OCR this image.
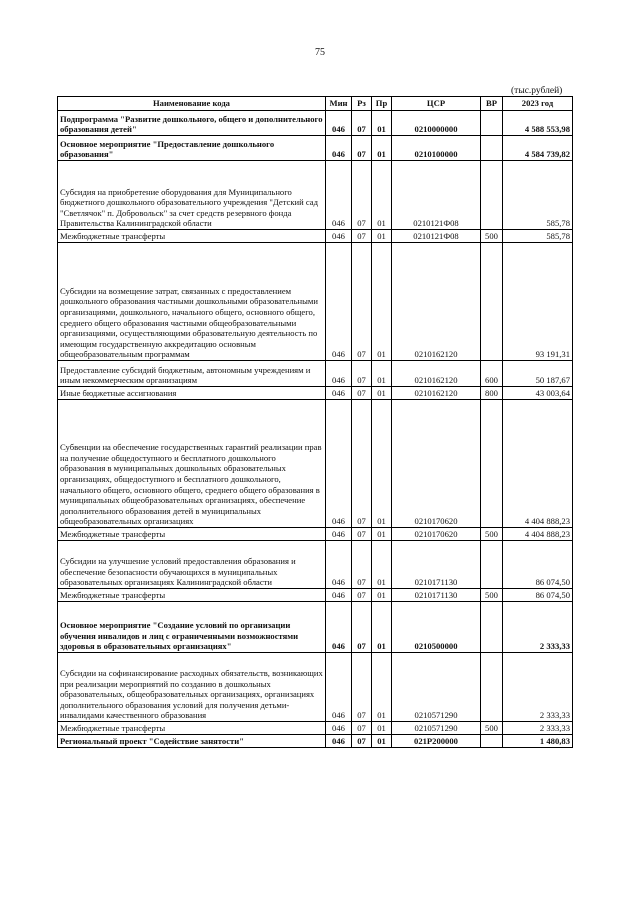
75
(тыс.рублей)
Наименование кода	Мин	Рз	Пр	ЦСР	ВР	2023 год
Подпрограмма "Развитие дошкольного, общего и дополнительного образования детей"	046	07	01	0210000000		4 588 553,98
Основное мероприятие "Предоставление дошкольного образования"	046	07	01	0210100000		4 584 739,82
Субсидия на приобретение оборудования для Муниципального бюджетного дошкольного образовательного учреждения "Детский сад "Светлячок" п. Добровольск" за счет средств резервного фонда Правительства Калининградской области	046	07	01	0210121Ф08		585,78
Межбюджетные трансферты	046	07	01	0210121Ф08	500	585,78
Субсидии на возмещение затрат, связанных с предоставлением дошкольного образования частными дошкольными образовательными организациями, дошкольного, начального общего, основного общего, среднего общего образования частными общеобразовательными организациями, осуществляющими образовательную деятельность по имеющим государственную аккредитацию основным общеобразовательным программам	046	07	01	0210162120		93 191,31
Предоставление субсидий бюджетным, автономным учреждениям и иным некоммерческим организациям	046	07	01	0210162120	600	50 187,67
Иные бюджетные ассигнования	046	07	01	0210162120	800	43 003,64
Субвенции на обеспечение государственных гарантий реализации прав на получение общедоступного и бесплатного дошкольного образования в муниципальных дошкольных образовательных организациях, общедоступного и бесплатного дошкольного, начального общего, основного общего, среднего общего образования в муниципальных общеобразовательных организациях, обеспечение дополнительного образования детей в муниципальных общеобразовательных организациях	046	07	01	0210170620		4 404 888,23
Межбюджетные трансферты	046	07	01	0210170620	500	4 404 888,23
Субсидии на улучшение условий предоставления образования и обеспечение безопасности обучающихся в муниципальных образовательных организациях Калининградской области	046	07	01	0210171130		86 074,50
Межбюджетные трансферты	046	07	01	0210171130	500	86 074,50
Основное мероприятие "Создание условий по организации обучения инвалидов и лиц с ограниченными возможностями здоровья в образовательных организациях"	046	07	01	0210500000		2 333,33
Субсидии на софинансирование расходных обязательств, возникающих при реализации мероприятий по созданию в дошкольных образовательных, общеобразовательных организациях, организациях дополнительного образования условий для получения детьми-инвалидами качественного образования	046	07	01	0210571290		2 333,33
Межбюджетные трансферты	046	07	01	0210571290	500	2 333,33
Региональный проект "Содействие занятости"	046	07	01	021P200000		1 480,83
